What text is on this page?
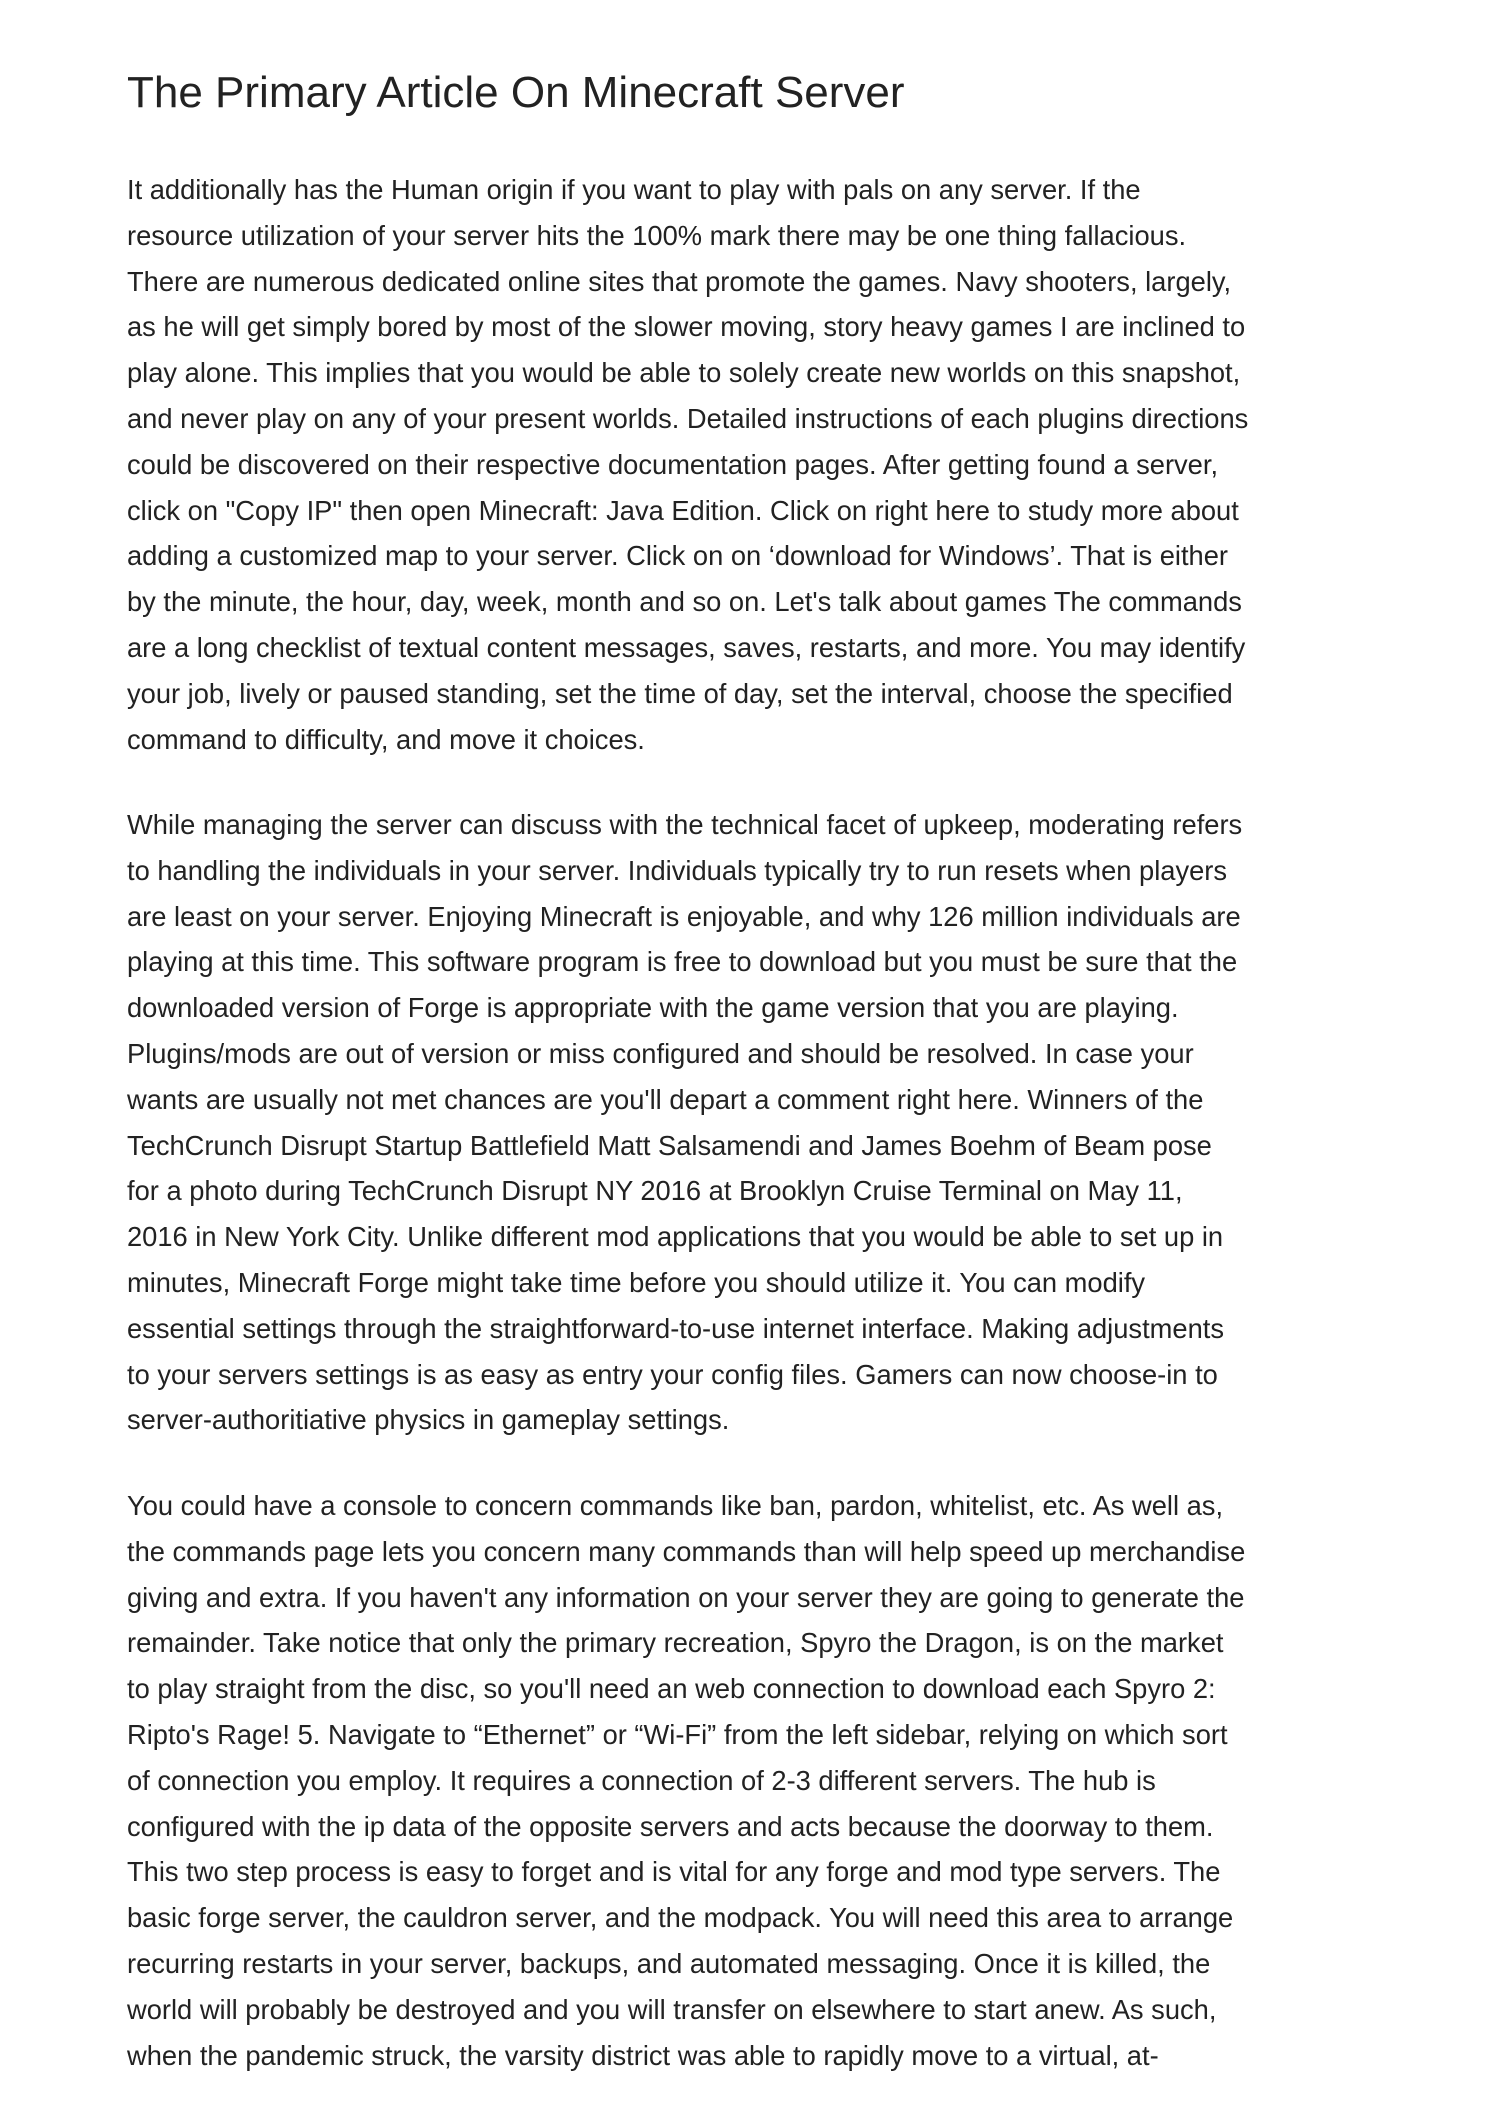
The Primary Article On Minecraft Server

It additionally has the Human origin if you want to play with pals on any server. If the
resource utilization of your server hits the 100% mark there may be one thing fallacious.
There are numerous dedicated online sites that promote the games. Navy shooters, largely,
as he will get simply bored by most of the slower moving, story heavy games I are inclined to
play alone. This implies that you would be able to solely create new worlds on this snapshot,
and never play on any of your present worlds. Detailed instructions of each plugins directions
could be discovered on their respective documentation pages. After getting found a server,
click on "Copy IP" then open Minecraft: Java Edition. Click on right here to study more about
adding a customized map to your server. Click on on ‘download for Windows’. That is either
by the minute, the hour, day, week, month and so on. Let's talk about games The commands
are a long checklist of textual content messages, saves, restarts, and more. You may identify
your job, lively or paused standing, set the time of day, set the interval, choose the specified
command to difficulty, and move it choices.

While managing the server can discuss with the technical facet of upkeep, moderating refers
to handling the individuals in your server. Individuals typically try to run resets when players
are least on your server. Enjoying Minecraft is enjoyable, and why 126 million individuals are
playing at this time. This software program is free to download but you must be sure that the
downloaded version of Forge is appropriate with the game version that you are playing.
Plugins/mods are out of version or miss configured and should be resolved. In case your
wants are usually not met chances are you'll depart a comment right here. Winners of the
TechCrunch Disrupt Startup Battlefield Matt Salsamendi and James Boehm of Beam pose
for a photo during TechCrunch Disrupt NY 2016 at Brooklyn Cruise Terminal on May 11,
2016 in New York City. Unlike different mod applications that you would be able to set up in
minutes, Minecraft Forge might take time before you should utilize it. You can modify
essential settings through the straightforward-to-use internet interface. Making adjustments
to your servers settings is as easy as entry your config files. Gamers can now choose-in to
server-authoritiative physics in gameplay settings.

You could have a console to concern commands like ban, pardon, whitelist, etc. As well as,
the commands page lets you concern many commands than will help speed up merchandise
giving and extra. If you haven't any information on your server they are going to generate the
remainder. Take notice that only the primary recreation, Spyro the Dragon, is on the market
to play straight from the disc, so you'll need an web connection to download each Spyro 2:
Ripto's Rage! 5. Navigate to “Ethernet” or “Wi-Fi” from the left sidebar, relying on which sort
of connection you employ. It requires a connection of 2-3 different servers. The hub is
configured with the ip data of the opposite servers and acts because the doorway to them.
This two step process is easy to forget and is vital for any forge and mod type servers. The
basic forge server, the cauldron server, and the modpack. You will need this area to arrange
recurring restarts in your server, backups, and automated messaging. Once it is killed, the
world will probably be destroyed and you will transfer on elsewhere to start anew. As such,
when the pandemic struck, the varsity district was able to rapidly move to a virtual, at-
